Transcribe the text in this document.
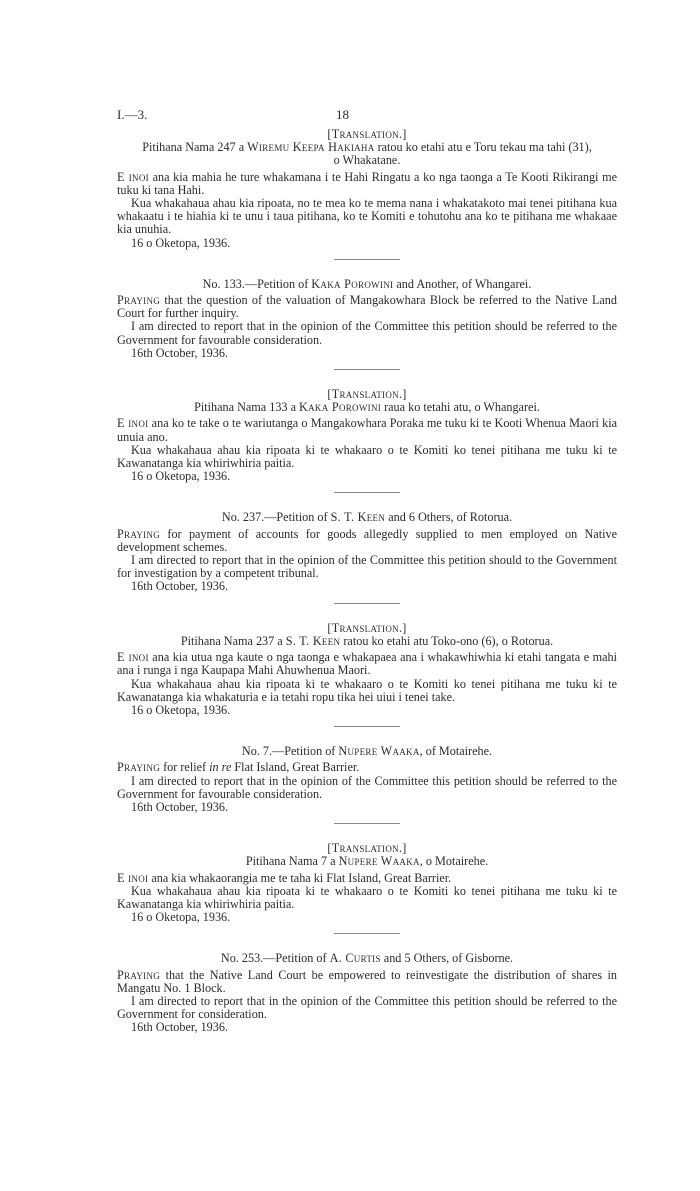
I.—3.	18

[Translation.]

Pitihana Nama 247 a Wiremu Keepa Hakiaha ratou ko etahi atu e Toru tekau ma tahi (31),

o Whakatane.

E inoi ana kia mahia he ture whakamana i te Hahi Ringatu a ko nga taonga a Te Kooti Rikirangi me tuku ki tana Hahi.

Kua whakahaua ahau kia ripoata, no te mea ko te mema nana i whakatakoto mai tenei pitihana kua whakaatu i te hiahia ki te unu i taua pitihana, ko te Komiti e tohutohu ana ko te pitihana me whakaae kia unuhia.

16 o Oketopa, 1936.

No. 133.—Petition of Kaka Porowini and Another, of Whangarei.

Praying that the question of the valuation of Mangakowhara Block be referred to the Native Land Court for further inquiry.

I am directed to report that in the opinion of the Committee this petition should be referred to the Government for favourable consideration.

16th October, 1936.

[Translation.]

Pitihana Nama 133 a Kaka Porowini raua ko tetahi atu, o Whangarei.

E inoi ana ko te take o te wariutanga o Mangakowhara Poraka me tuku ki te Kooti Whenua Maori kia unuia ano.

Kua whakahaua ahau kia ripoata ki te whakaaro o te Komiti ko tenei pitihana me tuku ki te Kawanatanga kia whiriwhiria paitia.

16 o Oketopa, 1936.

No. 237.—Petition of S. T. Keen and 6 Others, of Rotorua.

Praying for payment of accounts for goods allegedly supplied to men employed on Native development schemes.

I am directed to report that in the opinion of the Committee this petition should to the Government for investigation by a competent tribunal.

16th October, 1936.

[Translation.]

Pitihana Nama 237 a S. T. Keen ratou ko etahi atu Toko-ono (6), o Rotorua.

E inoi ana kia utua nga kaute o nga taonga e whakapaea ana i whakawhiwhia ki etahi tangata e mahi ana i runga i nga Kaupapa Mahi Ahuwhenua Maori.

Kua whakahaua ahau kia ripoata ki te whakaaro o te Komiti ko tenei pitihana me tuku ki te Kawanatanga kia whakaturia e ia tetahi ropu tika hei uiui i tenei take.

16 o Oketopa, 1936.

No. 7.—Petition of Nupere Waaka, of Motairehe.

Praying for relief in re Flat Island, Great Barrier.

I am directed to report that in the opinion of the Committee this petition should be referred to the Government for favourable consideration.

16th October, 1936.

[Translation.]

Pitihana Nama 7 a Nupere Waaka, o Motairehe.

E inoi ana kia whakaorangia me te taha ki Flat Island, Great Barrier.

Kua whakahaua ahau kia ripoata ki te whakaaro o te Komiti ko tenei pitihana me tuku ki te Kawanatanga kia whiriwhiria paitia.

16 o Oketopa, 1936.

No. 253.—Petition of A. Curtis and 5 Others, of Gisborne.

Praying that the Native Land Court be empowered to reinvestigate the distribution of shares in Mangatu No. 1 Block.

I am directed to report that in the opinion of the Committee this petition should be referred to the Government for consideration.

16th October, 1936.
